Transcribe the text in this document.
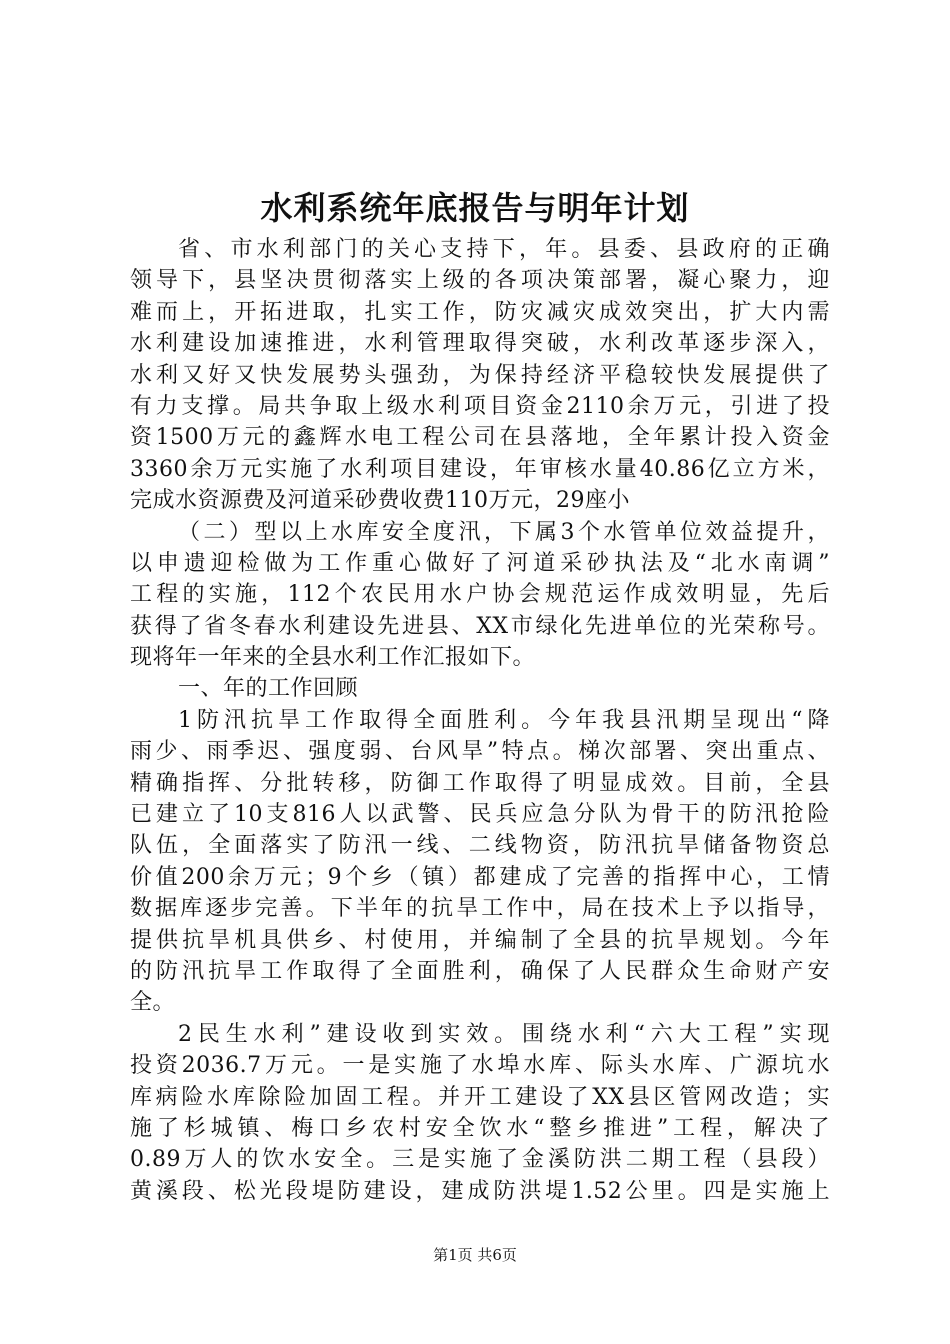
水利系统年底报告与明年计划
省、市水利部门的关心支持下，年。县委、县政府的正确
领导下，县坚决贯彻落实上级的各项决策部署，凝心聚力，迎
难而上，开拓进取，扎实工作，防灾减灾成效突出，扩大内需
水利建设加速推进，水利管理取得突破，水利改革逐步深入，
水利又好又快发展势头强劲，为保持经济平稳较快发展提供了
有力支撑。局共争取上级水利项目资金2110余万元，引进了投
资1500万元的鑫辉水电工程公司在县落地，全年累计投入资金
3360余万元实施了水利项目建设，年审核水量40.86亿立方米，
完成水资源费及河道采砂费收费110万元，29座小
（二）型以上水库安全度汛，下属3个水管单位效益提升，
以申遗迎检做为工作重心做好了河道采砂执法及“北水南调”
工程的实施，112个农民用水户协会规范运作成效明显，先后
获得了省冬春水利建设先进县、XX市绿化先进单位的光荣称号。
现将年一年来的全县水利工作汇报如下。
一、年的工作回顾
1防汛抗旱工作取得全面胜利。今年我县汛期呈现出“降
雨少、雨季迟、强度弱、台风旱”特点。梯次部署、突出重点、
精确指挥、分批转移，防御工作取得了明显成效。目前，全县
已建立了10支816人以武警、民兵应急分队为骨干的防汛抢险
队伍，全面落实了防汛一线、二线物资，防汛抗旱储备物资总
价值200余万元；9个乡（镇）都建成了完善的指挥中心，工情
数据库逐步完善。下半年的抗旱工作中，局在技术上予以指导，
提供抗旱机具供乡、村使用，并编制了全县的抗旱规划。今年
的防汛抗旱工作取得了全面胜利，确保了人民群众生命财产安
全。
2民生水利”建设收到实效。围绕水利“六大工程”实现
投资2036.7万元。一是实施了水埠水库、际头水库、广源坑水
库病险水库除险加固工程。并开工建设了XX县区管网改造；实
施了杉城镇、梅口乡农村安全饮水“整乡推进”工程，解决了
0.89万人的饮水安全。三是实施了金溪防洪二期工程（县段）
黄溪段、松光段堤防建设，建成防洪堤1.52公里。四是实施上
第1页 共6页
